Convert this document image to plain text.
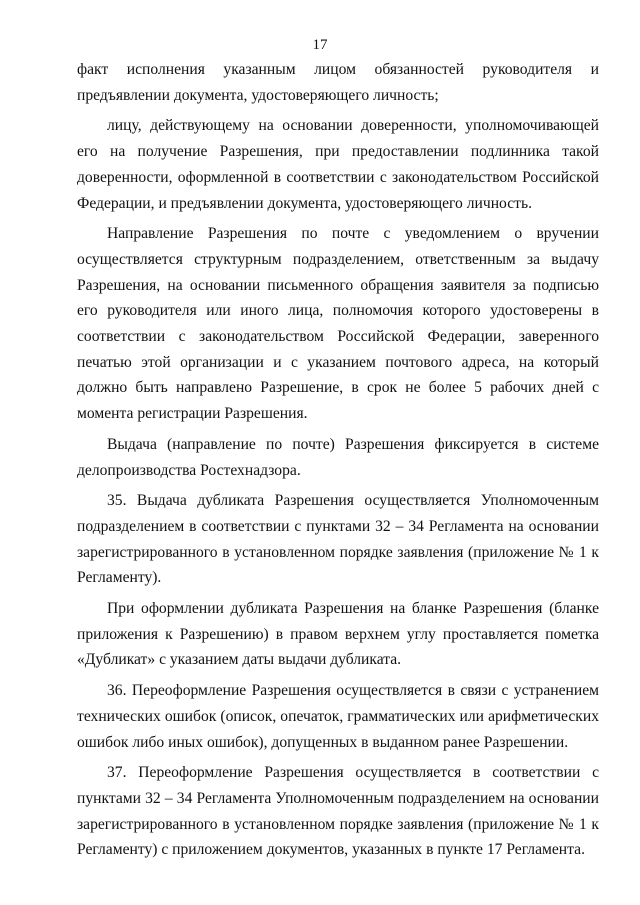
17

факт исполнения указанным лицом обязанностей руководителя и предъявлении документа, удостоверяющего личность;

лицу, действующему на основании доверенности, уполномочивающей его на получение Разрешения, при предоставлении подлинника такой доверенности, оформленной в соответствии с законодательством Российской Федерации, и предъявлении документа, удостоверяющего личность.

Направление Разрешения по почте с уведомлением о вручении осуществляется структурным подразделением, ответственным за выдачу Разрешения, на основании письменного обращения заявителя за подписью его руководителя или иного лица, полномочия которого удостоверены в соответствии с законодательством Российской Федерации, заверенного печатью этой организации и с указанием почтового адреса, на который должно быть направлено Разрешение, в срок не более 5 рабочих дней с момента регистрации Разрешения.

Выдача (направление по почте) Разрешения фиксируется в системе делопроизводства Ростехнадзора.

35. Выдача дубликата Разрешения осуществляется Уполномоченным подразделением в соответствии с пунктами 32 – 34 Регламента на основании зарегистрированного в установленном порядке заявления (приложение № 1 к Регламенту).

При оформлении дубликата Разрешения на бланке Разрешения (бланке приложения к Разрешению) в правом верхнем углу проставляется пометка «Дубликат» с указанием даты выдачи дубликата.

36. Переоформление Разрешения осуществляется в связи с устранением технических ошибок (описок, опечаток, грамматических или арифметических ошибок либо иных ошибок), допущенных в выданном ранее Разрешении.

37. Переоформление Разрешения осуществляется в соответствии с пунктами 32 – 34 Регламента Уполномоченным подразделением на основании зарегистрированного в установленном порядке заявления (приложение № 1 к Регламенту) с приложением документов, указанных в пункте 17 Регламента.
